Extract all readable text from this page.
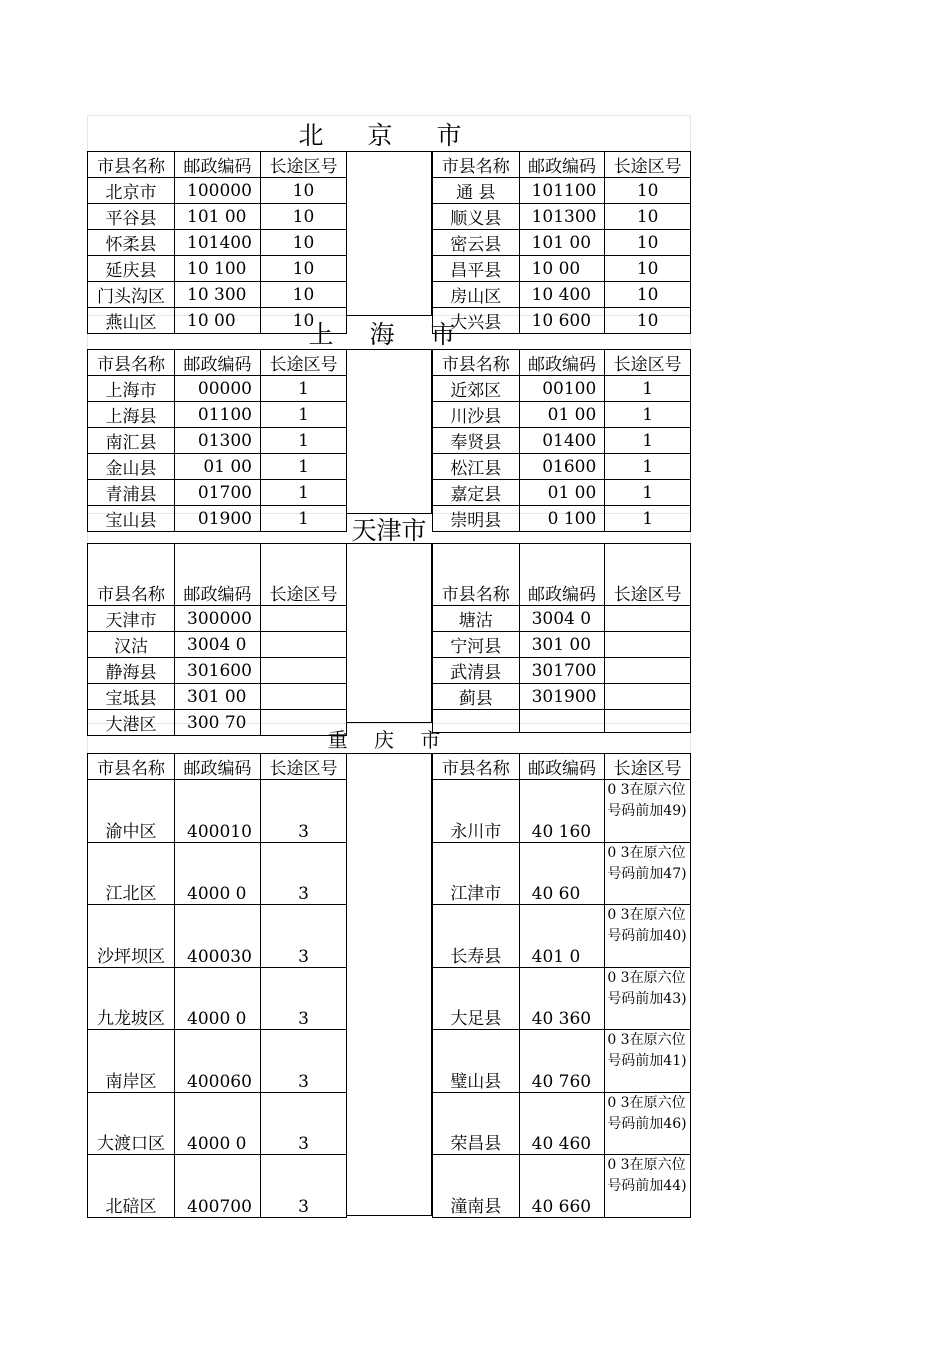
北 京 市
市县名称	邮政编码	长途区号
北京市	100000	10
平谷县	101 00	10
怀柔县	101400	10
延庆县	10 100	10
门头沟区	10 300	10
燕山区	10 00	10
市县名称	邮政编码	长途区号
通 县	101100	10
顺义县	101300	10
密云县	101 00	10
昌平县	10 00	10
房山区	10 400	10
大兴县	10 600	10
上 海 市
市县名称	邮政编码	长途区号
上海市	00000	1
上海县	01100	1
南汇县	01300	1
金山县	01 00	1
青浦县	01700	1
宝山县	01900	1
市县名称	邮政编码	长途区号
近郊区	00100	1
川沙县	01 00	1
奉贤县	01400	1
松江县	01600	1
嘉定县	01 00	1
崇明县	0 100	1
天津市
市县名称	邮政编码	长途区号
天津市	300000	
汉沽	3004 0	
静海县	301600	
宝坻县	301 00	
大港区	300 70	
市县名称	邮政编码	长途区号
塘沽	3004 0	
宁河县	301 00	
武清县	301700	
蓟县	301900	

重 庆 市
市县名称	邮政编码	长途区号
渝中区	400010	3
江北区	4000 0	3
沙坪坝区	400030	3
九龙坡区	4000 0	3
南岸区	400060	3
大渡口区	4000 0	3
北碚区	400700	3
市县名称	邮政编码	长途区号
永川市	40 160	0 3在原六位号码前加49)
江津市	40 60	0 3在原六位号码前加47)
长寿县	401 0	0 3在原六位号码前加40)
大足县	40 360	0 3在原六位号码前加43)
璧山县	40 760	0 3在原六位号码前加41)
荣昌县	40 460	0 3在原六位号码前加46)
潼南县	40 660	0 3在原六位号码前加44)
